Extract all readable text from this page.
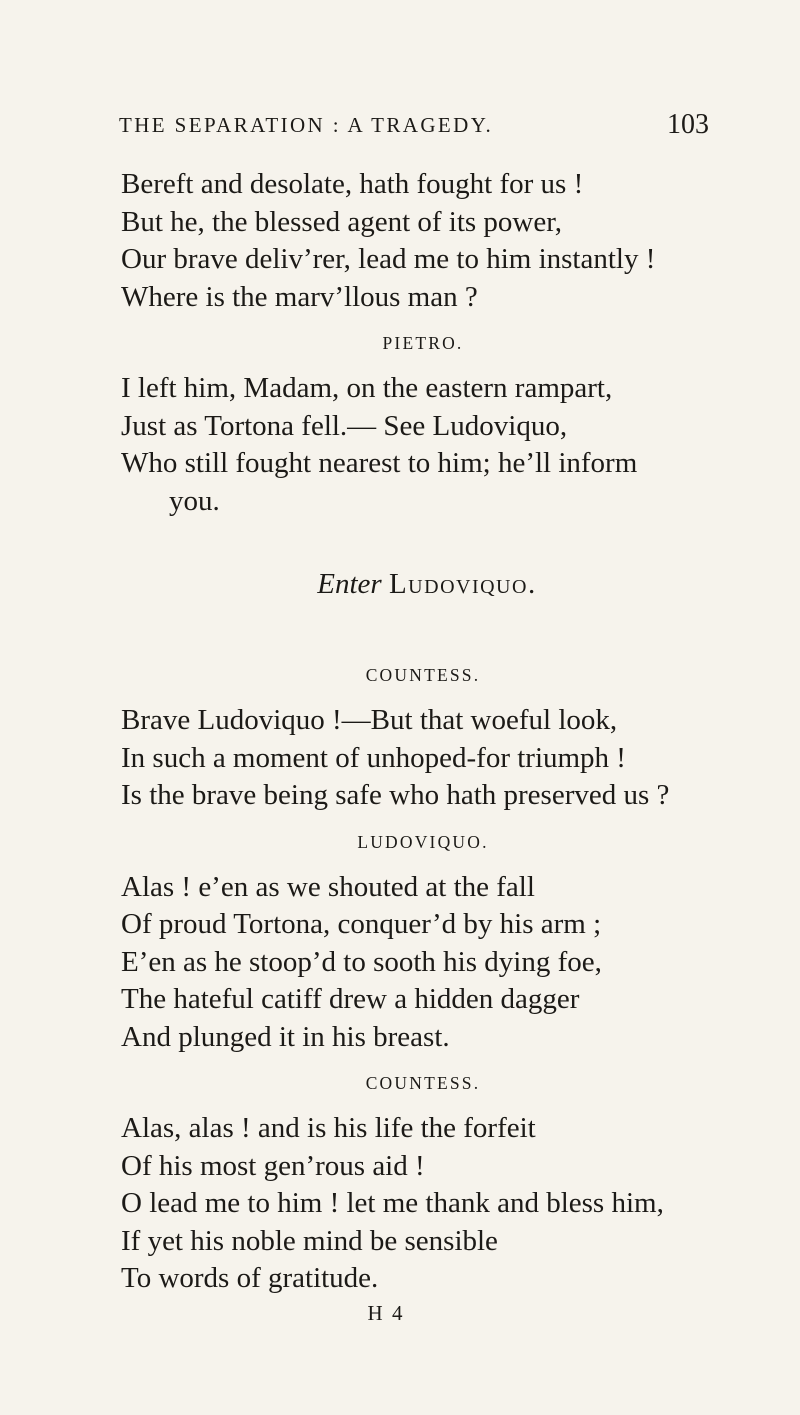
THE SEPARATION : A TRAGEDY.	103
Bereft and desolate, hath fought for us !
But he, the blessed agent of its power,
Our brave deliv’rer, lead me to him instantly !
Where is the marv’llous man ?
PIETRO.
I left him, Madam, on the eastern rampart,
Just as Tortona fell.— See Ludoviquo,
Who still fought nearest to him; he’ll inform
you.
Enter Ludoviquo.
COUNTESS.
Brave Ludoviquo !—But that woeful look,
In such a moment of unhoped-for triumph !
Is the brave being safe who hath preserved us ?
LUDOVIQUO.
Alas ! e’en as we shouted at the fall
Of proud Tortona, conquer’d by his arm ;
E’en as he stoop’d to sooth his dying foe,
The hateful catiff drew a hidden dagger
And plunged it in his breast.
COUNTESS.
Alas, alas ! and is his life the forfeit
Of his most gen’rous aid !
O lead me to him ! let me thank and bless him,
If yet his noble mind be sensible
To words of gratitude.
H 4
